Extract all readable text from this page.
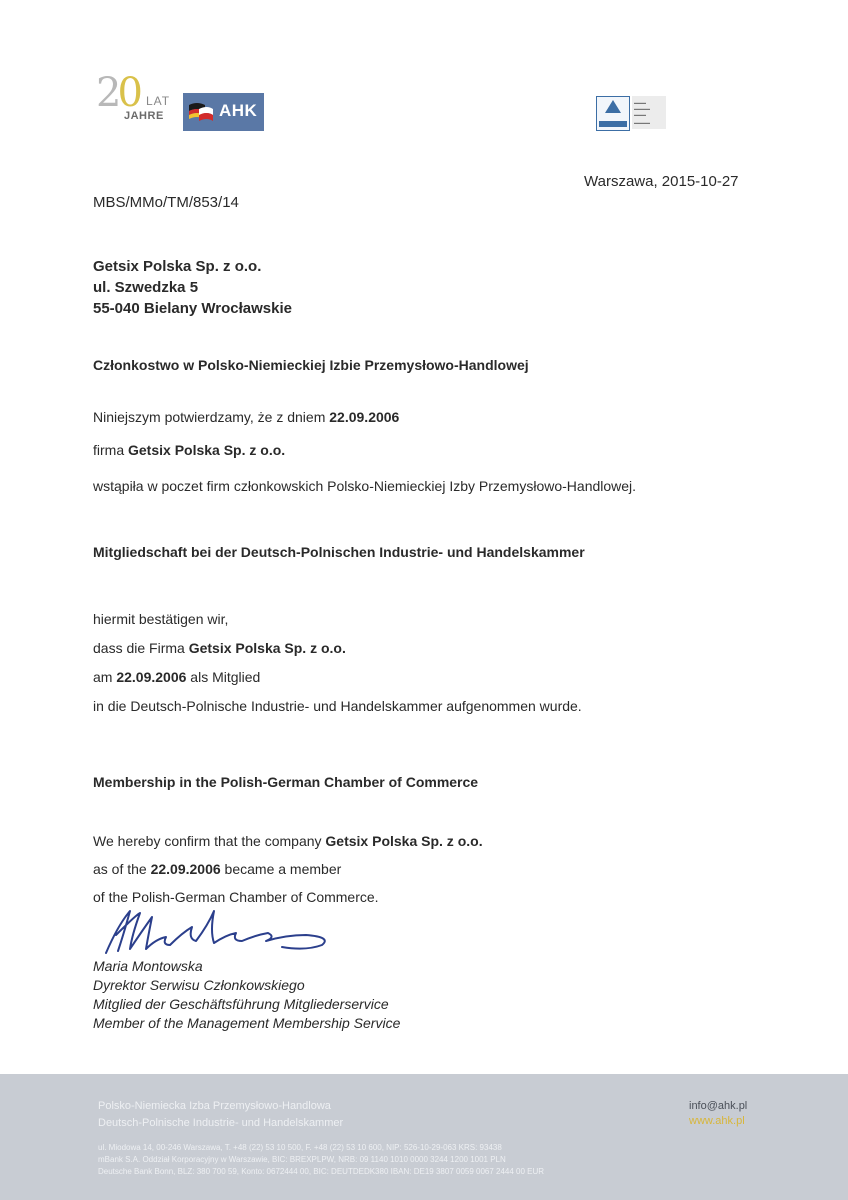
20 LAT
JAHRE	AHK	▬▬▬
▬▬▬▬
▬▬▬
▬▬▬▬
Warszawa, 2015-10-27
MBS/MMo/TM/853/14
Getsix Polska Sp. z o.o.
ul. Szwedzka 5
55-040 Bielany Wrocławskie
Członkostwo w Polsko-Niemieckiej Izbie Przemysłowo-Handlowej
Niniejszym potwierdzamy, że z dniem 22.09.2006
firma Getsix Polska Sp. z o.o.
wstąpiła w poczet firm członkowskich Polsko-Niemieckiej Izby Przemysłowo-Handlowej.
Mitgliedschaft bei der Deutsch-Polnischen Industrie- und Handelskammer
hiermit bestätigen wir,
dass die Firma Getsix Polska Sp. z o.o.
am 22.09.2006 als Mitglied
in die Deutsch-Polnische Industrie- und Handelskammer aufgenommen wurde.
Membership in the Polish-German Chamber of Commerce
We hereby confirm that the company Getsix Polska Sp. z o.o.
as of the 22.09.2006 became a member
of the Polish-German Chamber of Commerce.
Maria Montowska
Dyrektor Serwisu Członkowskiego
Mitglied der Geschäftsführung Mitgliederservice
Member of the Management Membership Service
Polsko-Niemiecka Izba Przemysłowo-Handlowa
Deutsch-Polnische Industrie- und Handelskammer
ul. Miodowa 14, 00-246 Warszawa, T. +48 (22) 53 10 500, F. +48 (22) 53 10 600, NIP: 526-10-29-063 KRS: 93438
mBank S.A. Oddział Korporacyjny w Warszawie, BIC: BREXPLPW, NRB: 09 1140 1010 0000 3244 1200 1001 PLN
Deutsche Bank Bonn, BLZ: 380 700 59, Konto: 0672444 00, BIC: DEUTDEDK380 IBAN: DE19 3807 0059 0067 2444 00 EUR
info@ahk.pl
www.ahk.pl
